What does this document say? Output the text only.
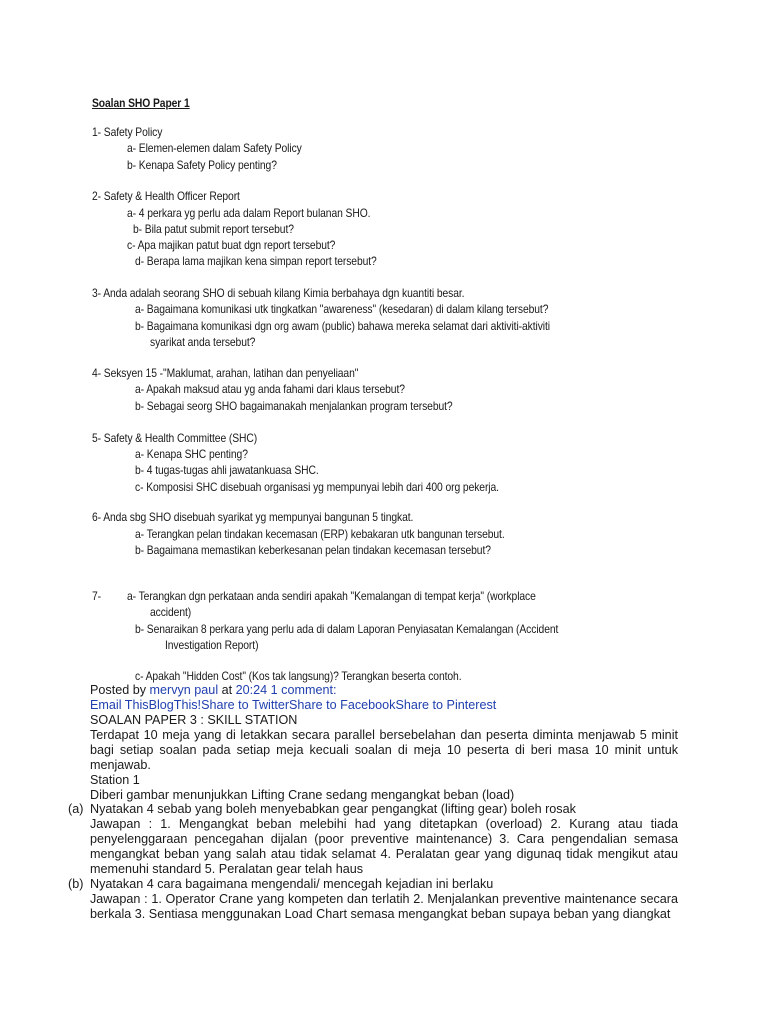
Soalan SHO Paper 1
1- Safety Policy
a- Elemen-elemen dalam Safety Policy
b- Kenapa Safety Policy penting?
2- Safety & Health Officer Report
a- 4 perkara yg perlu ada dalam Report bulanan SHO.
b- Bila patut submit report tersebut?
c- Apa majikan patut buat dgn report tersebut?
d- Berapa lama majikan kena simpan report tersebut?
3- Anda adalah seorang SHO di sebuah kilang Kimia berbahaya dgn kuantiti besar.
a- Bagaimana komunikasi utk tingkatkan "awareness" (kesedaran) di dalam kilang tersebut?
b- Bagaimana komunikasi dgn org awam (public) bahawa mereka selamat dari aktiviti-aktiviti
syarikat anda tersebut?
4- Seksyen 15 -"Maklumat, arahan, latihan dan penyeliaan"
a- Apakah maksud atau yg anda fahami dari klaus tersebut?
b- Sebagai seorg SHO bagaimanakah menjalankan program tersebut?
5- Safety & Health Committee (SHC)
a- Kenapa SHC penting?
b- 4 tugas-tugas ahli jawatankuasa SHC.
c- Komposisi SHC disebuah organisasi yg mempunyai lebih dari 400 org pekerja.
6- Anda sbg SHO disebuah syarikat yg mempunyai bangunan 5 tingkat.
a- Terangkan pelan tindakan kecemasan (ERP) kebakaran utk bangunan tersebut.
b- Bagaimana memastikan keberkesanan pelan tindakan kecemasan tersebut?
7- a- Terangkan dgn perkataan anda sendiri apakah "Kemalangan di tempat kerja" (workplace
accident)
b- Senaraikan 8 perkara yang perlu ada di dalam Laporan Penyiasatan Kemalangan (Accident
Investigation Report)
c- Apakah "Hidden Cost" (Kos tak langsung)? Terangkan beserta contoh.
Posted by mervyn paul at 20:24 1 comment:
Email ThisBlogThis!Share to TwitterShare to FacebookShare to Pinterest
SOALAN PAPER 3 : SKILL STATION
Terdapat 10 meja yang di letakkan secara parallel bersebelahan dan peserta diminta menjawab 5 minit bagi setiap soalan pada setiap meja kecuali soalan di meja 10 peserta di beri masa 10 minit untuk menjawab.
Station 1
Diberi gambar menunjukkan Lifting Crane sedang mengangkat beban (load)
(a) Nyatakan 4 sebab yang boleh menyebabkan gear pengangkat (lifting gear) boleh rosak
Jawapan : 1. Mengangkat beban melebihi had yang ditetapkan (overload) 2. Kurang atau tiada penyelenggaraan pencegahan dijalan (poor preventive maintenance) 3. Cara pengendalian semasa mengangkat beban yang salah atau tidak selamat 4. Peralatan gear yang digunaq tidak mengikut atau memenuhi standard 5. Peralatan gear telah haus
(b) Nyatakan 4 cara bagaimana mengendali/ mencegah kejadian ini berlaku
Jawapan : 1. Operator Crane yang kompeten dan terlatih 2. Menjalankan preventive maintenance secara berkala 3. Sentiasa menggunakan Load Chart semasa mengangkat beban supaya beban yang diangkat
